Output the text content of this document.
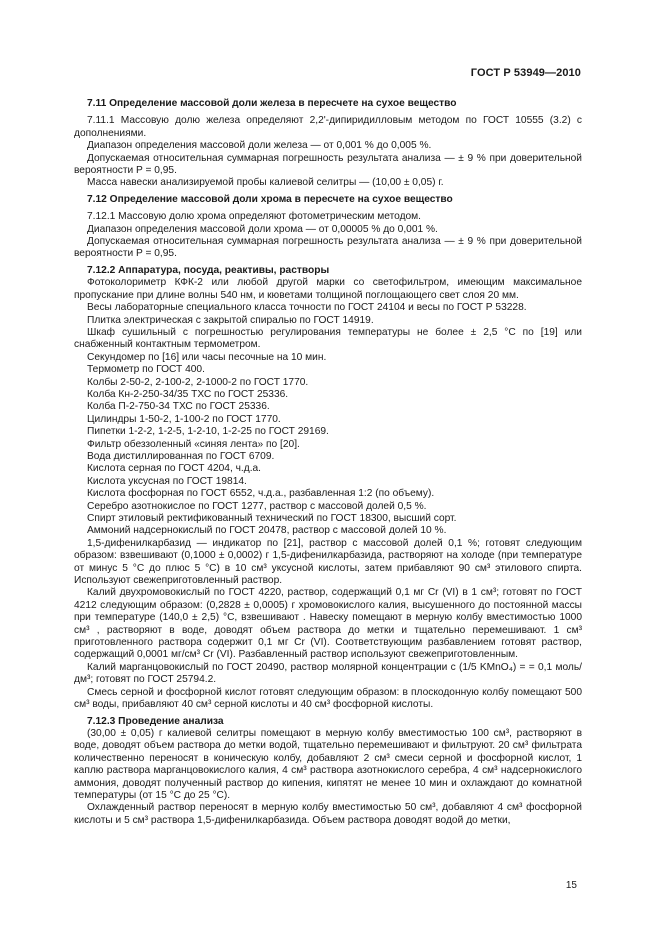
ГОСТ Р 53949—2010

7.11 Определение массовой доли железа в пересчете на сухое вещество

7.11.1 Массовую долю железа определяют 2,2'-дипиридилловым методом по ГОСТ 10555 (3.2) с дополнениями.

Диапазон определения массовой доли железа — от 0,001 % до 0,005 %.

Допускаемая относительная суммарная погрешность результата анализа — ± 9 % при доверительной вероятности P = 0,95.

Масса навески анализируемой пробы калиевой селитры — (10,00 ± 0,05) г.

7.12 Определение массовой доли хрома в пересчете на сухое вещество

7.12.1 Массовую долю хрома определяют фотометрическим методом.

Диапазон определения массовой доли хрома — от 0,00005 % до 0,001 %.

Допускаемая относительная суммарная погрешность результата анализа — ± 9 % при доверительной вероятности P = 0,95.

7.12.2 Аппаратура, посуда, реактивы, растворы

Фотоколориметр КФК-2 или любой другой марки со светофильтром, имеющим максимальное пропускание при длине волны 540 нм, и кюветами толщиной поглощающего свет слоя 20 мм.

Весы лабораторные специального класса точности по ГОСТ 24104 и весы по ГОСТ Р 53228.

Плитка электрическая с закрытой спиралью по ГОСТ 14919.

Шкаф сушильный с погрешностью регулирования температуры не более ± 2,5 °С по [19] или снабженный контактным термометром.

Секундомер по [16] или часы песочные на 10 мин.

Термометр по ГОСТ 400.

Колбы 2-50-2, 2-100-2, 2-1000-2 по ГОСТ 1770.

Колба Кн-2-250-34/35 ТХС по ГОСТ 25336.

Колба П-2-750-34 ТХС по ГОСТ 25336.

Цилиндры 1-50-2, 1-100-2 по ГОСТ 1770.

Пипетки 1-2-2, 1-2-5, 1-2-10, 1-2-25 по ГОСТ 29169.

Фильтр обеззоленный «синяя лента» по [20].

Вода дистиллированная по ГОСТ 6709.

Кислота серная по ГОСТ 4204, ч.д.а.

Кислота уксусная по ГОСТ 19814.

Кислота фосфорная по ГОСТ 6552, ч.д.а., разбавленная 1:2 (по объему).

Серебро азотнокислое по ГОСТ 1277, раствор с массовой долей 0,5 %.

Спирт этиловый ректификованный технический по ГОСТ 18300, высший сорт.

Аммоний надсернокислый по ГОСТ 20478, раствор с массовой долей 10 %.

1,5-дифенилкарбазид — индикатор по [21], раствор с массовой долей 0,1 %; готовят следующим образом: взвешивают (0,1000 ± 0,0002) г 1,5-дифенилкарбазида, растворяют на холоде (при температуре от минус 5 °С до плюс 5 °С) в 10 см³ уксусной кислоты, затем прибавляют 90 см³ этилового спирта. Используют свежеприготовленный раствор.

Калий двухромовокислый по ГОСТ 4220, раствор, содержащий 0,1 мг Cr (VI) в 1 см³; готовят по ГОСТ 4212 следующим образом: (0,2828 ± 0,0005) г хромовокислого калия, высушенного до постоянной массы при температуре (140,0 ± 2,5) °С, взвешивают . Навеску помещают в мерную колбу вместимостью 1000 см³ , растворяют в воде, доводят объем раствора до метки и тщательно перемешивают. 1 см³ приготовленного раствора содержит 0,1 мг Cr (VI). Соответствующим разбавлением готовят раствор, содержащий 0,0001 мг/см³ Cr (VI). Разбавленный раствор используют свежеприготовленным.

Калий марганцовокислый по ГОСТ 20490, раствор молярной концентрации c (1/5 KMnO₄) = = 0,1 моль/дм³; готовят по ГОСТ 25794.2.

Смесь серной и фосфорной кислот готовят следующим образом: в плоскодонную колбу помещают 500 см³ воды, прибавляют 40 см³ серной кислоты и 40 см³ фосфорной кислоты.

7.12.3 Проведение анализа

(30,00 ± 0,05) г калиевой селитры помещают в мерную колбу вместимостью 100 см³, растворяют в воде, доводят объем раствора до метки водой, тщательно перемешивают и фильтруют. 20 см³ фильтрата количественно переносят в коническую колбу, добавляют 2 см³ смеси серной и фосфорной кислот, 1 каплю раствора марганцовокислого калия, 4 см³ раствора азотнокислого серебра, 4 см³ надсернокислого аммония, доводят полученный раствор до кипения, кипятят не менее 10 мин и охлаждают до комнатной температуры (от 15 °С до 25 °С).

Охлажденный раствор переносят в мерную колбу вместимостью 50 см³, добавляют 4 см³ фосфорной кислоты и 5 см³ раствора 1,5-дифенилкарбазида. Объем раствора доводят водой до метки,

15
